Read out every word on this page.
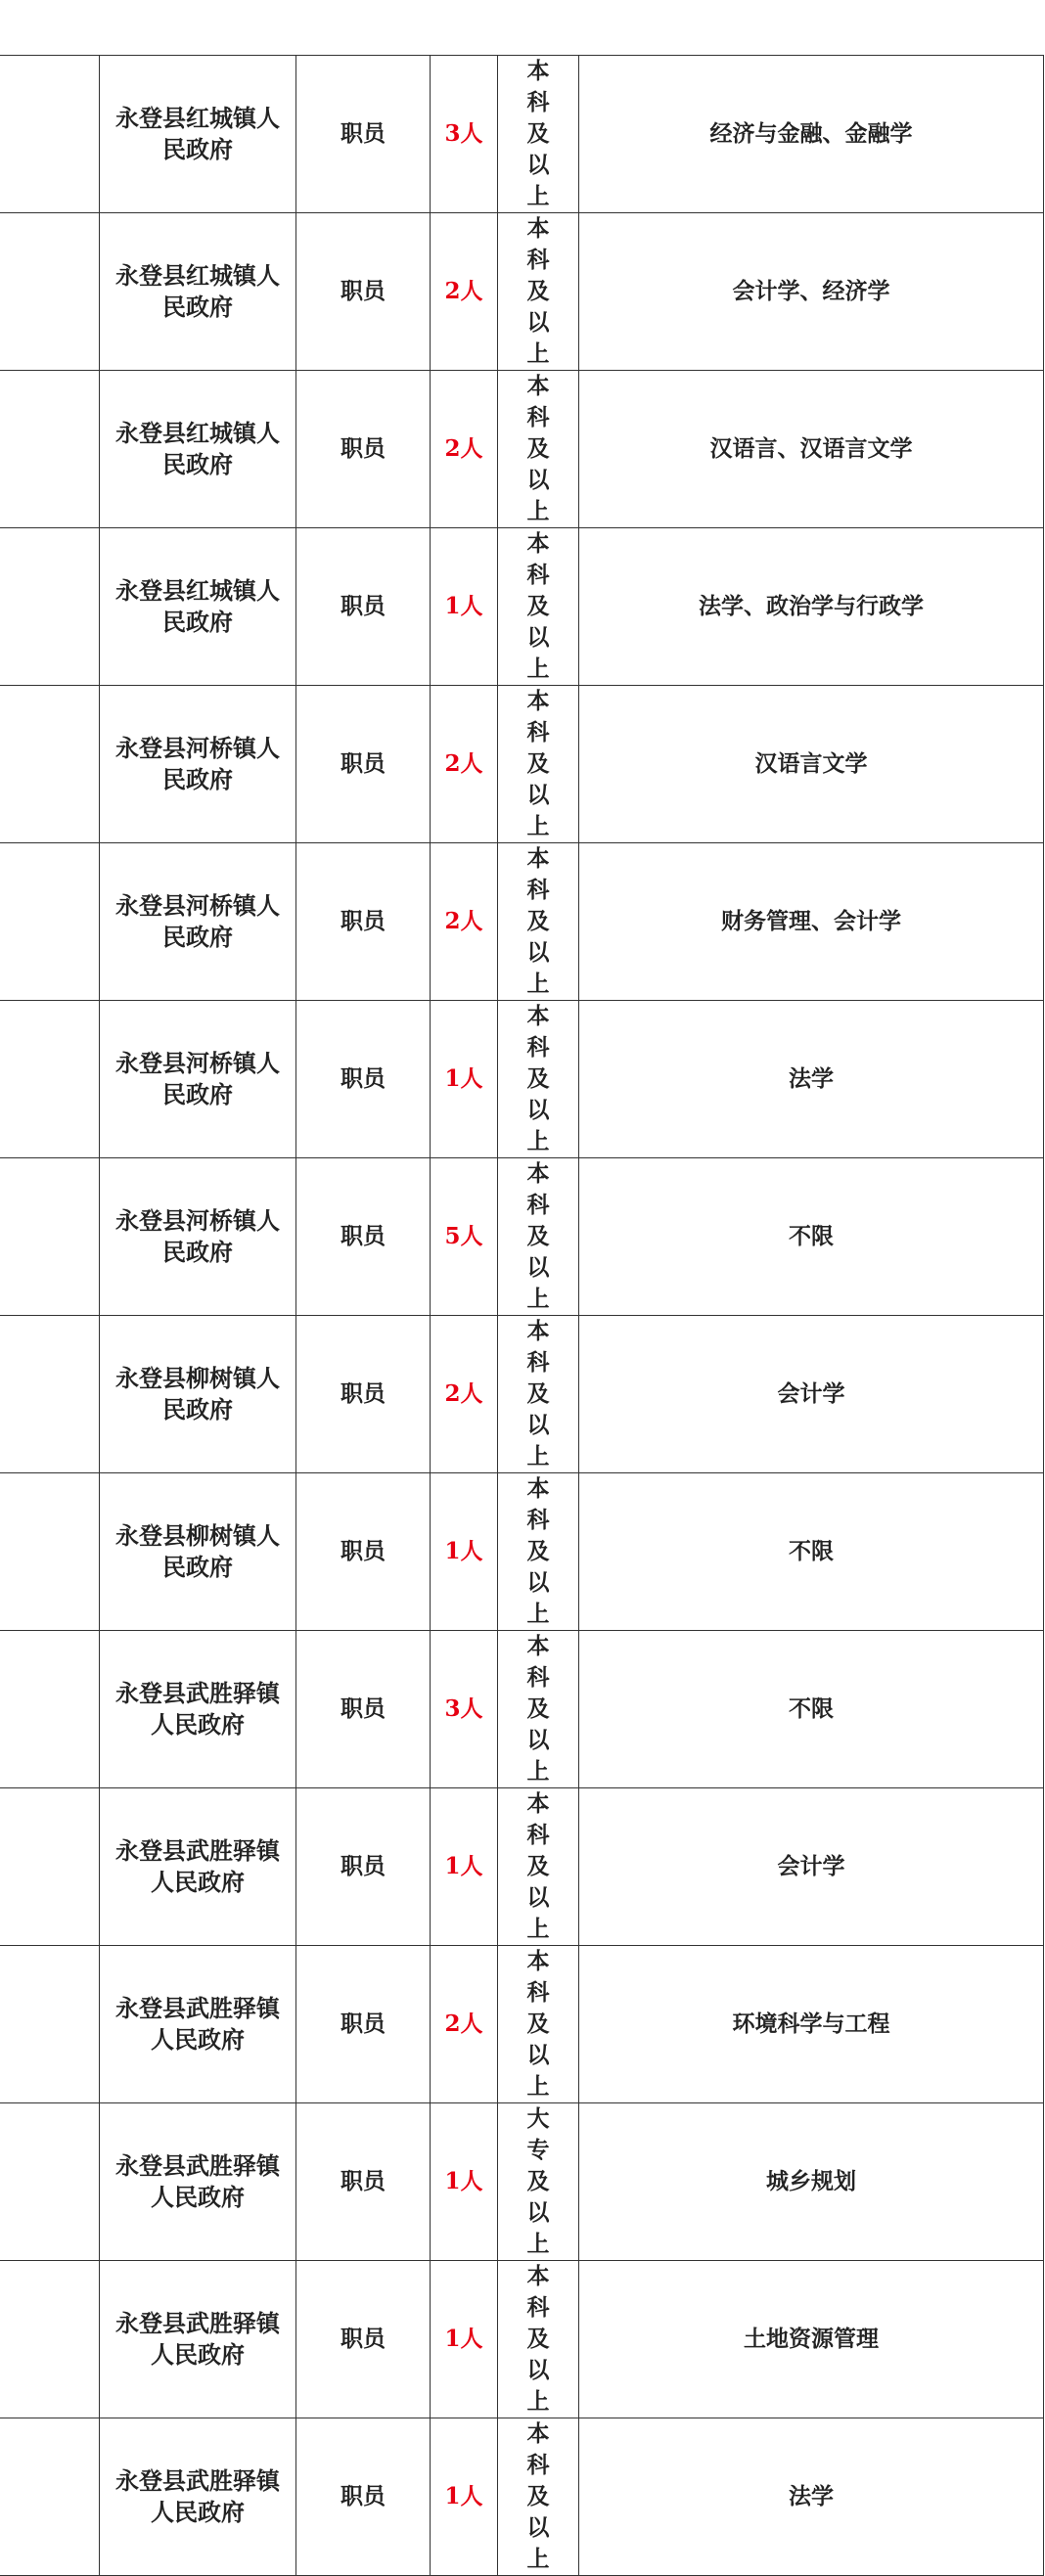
	永登县红城镇人民政府	职员	3人	本科及以上	经济与金融、金融学

	永登县红城镇人民政府	职员	2人	本科及以上	会计学、经济学

	永登县红城镇人民政府	职员	2人	本科及以上	汉语言、汉语言文学

	永登县红城镇人民政府	职员	1人	本科及以上	法学、政治学与行政学

	永登县河桥镇人民政府	职员	2人	本科及以上	汉语言文学

	永登县河桥镇人民政府	职员	2人	本科及以上	财务管理、会计学

	永登县河桥镇人民政府	职员	1人	本科及以上	法学

	永登县河桥镇人民政府	职员	5人	本科及以上	不限

	永登县柳树镇人民政府	职员	2人	本科及以上	会计学

	永登县柳树镇人民政府	职员	1人	本科及以上	不限

	永登县武胜驿镇人民政府	职员	3人	本科及以上	不限

	永登县武胜驿镇人民政府	职员	1人	本科及以上	会计学

	永登县武胜驿镇人民政府	职员	2人	本科及以上	环境科学与工程

	永登县武胜驿镇人民政府	职员	1人	大专及以上	城乡规划

	永登县武胜驿镇人民政府	职员	1人	本科及以上	土地资源管理

	永登县武胜驿镇人民政府	职员	1人	本科及以上	法学
